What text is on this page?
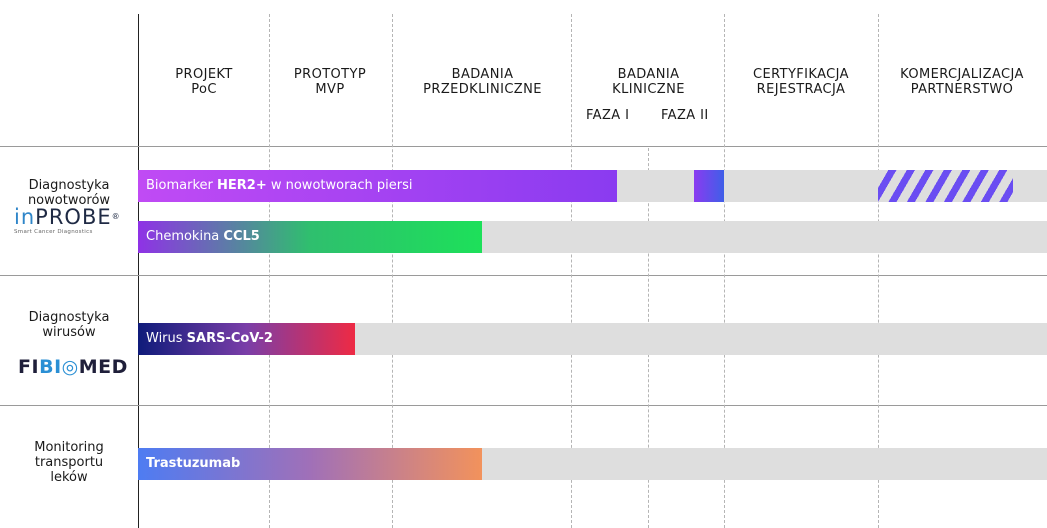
PROJEKT
PoC
PROTOTYP
MVP
BADANIA
PRZEDKLINICZNE
BADANIA
KLINICZNE
FAZA I FAZA II
CERTYFIKACJA
REJESTRACJA
KOMERCJALIZACJA
PARTNERSTWO
Diagnostyka
nowotworów
inPROBE®
Smart Cancer Diagnostics
Diagnostyka
wirusów
FIBI◎MED
Monitoring
transportu
leków
Biomarker HER2+ w nowotworach piersi
Chemokina CCL5
Wirus SARS-CoV-2
Trastuzumab
